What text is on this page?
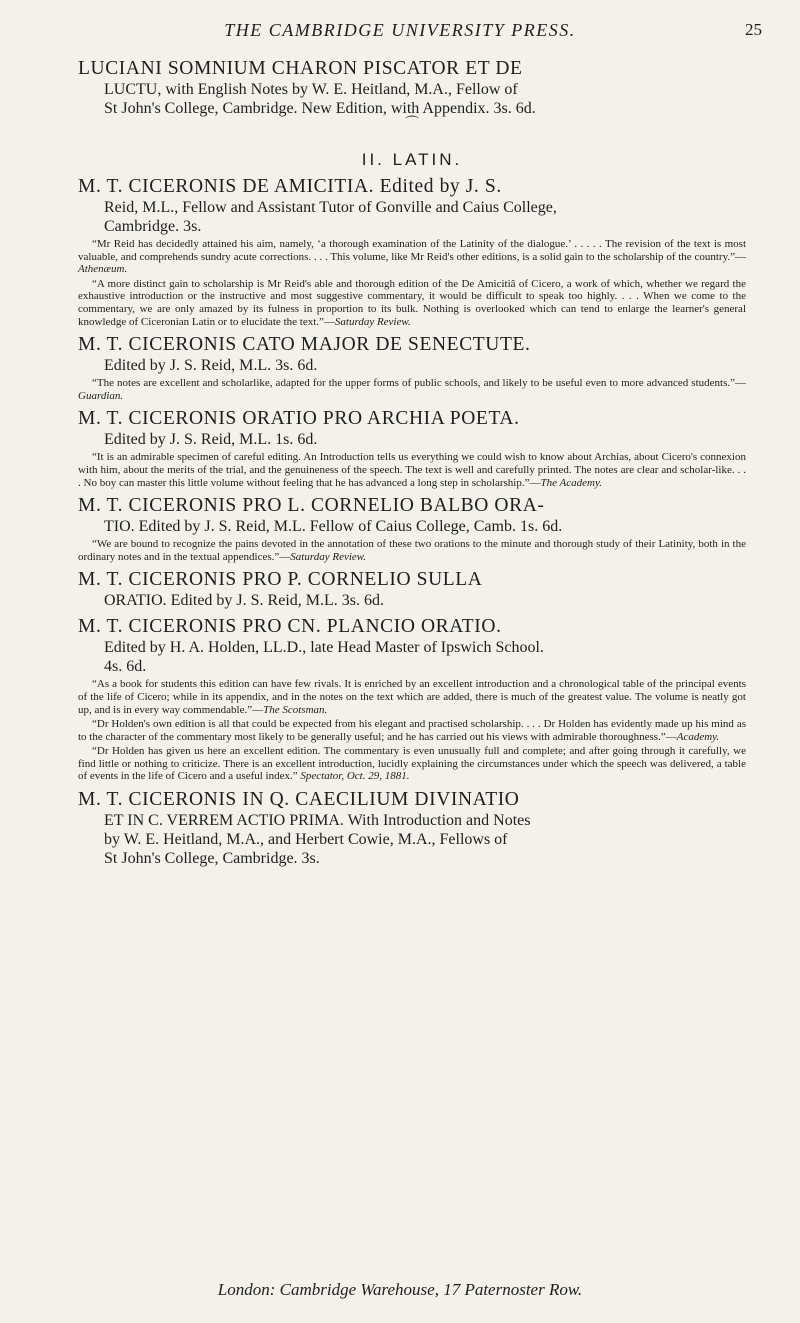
THE CAMBRIDGE UNIVERSITY PRESS.	25

LUCIANI SOMNIUM CHARON PISCATOR ET DE

LUCTU, with English Notes by W. E. Heitland, M.A., Fellow of

St John's College, Cambridge. New Edition, with Appendix. 3s. 6d.

⌒
II. LATIN.

M. T. CICERONIS DE AMICITIA. Edited by J. S.

Reid, M.L., Fellow and Assistant Tutor of Gonville and Caius College,

Cambridge. 3s.

“Mr Reid has decidedly attained his aim, namely, ‘a thorough examination of the Latinity of the dialogue.’ . . . . . The revision of the text is most valuable, and comprehends sundry acute corrections. . . . This volume, like Mr Reid's other editions, is a solid gain to the scholarship of the country.”—Athenæum.

“A more distinct gain to scholarship is Mr Reid's able and thorough edition of the De Amicitiâ of Cicero, a work of which, whether we regard the exhaustive introduction or the instructive and most suggestive commentary, it would be difficult to speak too highly. . . . When we come to the commentary, we are only amazed by its fulness in proportion to its bulk. Nothing is overlooked which can tend to enlarge the learner's general knowledge of Ciceronian Latin or to elucidate the text.”—Saturday Review.

M. T. CICERONIS CATO MAJOR DE SENECTUTE.

Edited by J. S. Reid, M.L. 3s. 6d.

“The notes are excellent and scholarlike, adapted for the upper forms of public schools, and likely to be useful even to more advanced students.”—Guardian.

M. T. CICERONIS ORATIO PRO ARCHIA POETA.

Edited by J. S. Reid, M.L. 1s. 6d.

“It is an admirable specimen of careful editing. An Introduction tells us everything we could wish to know about Archias, about Cicero's connexion with him, about the merits of the trial, and the genuineness of the speech. The text is well and carefully printed. The notes are clear and scholar-like. . . . No boy can master this little volume without feeling that he has advanced a long step in scholarship.”—The Academy.

M. T. CICERONIS PRO L. CORNELIO BALBO ORA-

TIO. Edited by J. S. Reid, M.L. Fellow of Caius College, Camb. 1s. 6d.

“We are bound to recognize the pains devoted in the annotation of these two orations to the minute and thorough study of their Latinity, both in the ordinary notes and in the textual appendices.”—Saturday Review.

M. T. CICERONIS PRO P. CORNELIO SULLA

ORATIO. Edited by J. S. Reid, M.L. 3s. 6d.

M. T. CICERONIS PRO CN. PLANCIO ORATIO.

Edited by H. A. Holden, LL.D., late Head Master of Ipswich School.

4s. 6d.

“As a book for students this edition can have few rivals. It is enriched by an excellent introduction and a chronological table of the principal events of the life of Cicero; while in its appendix, and in the notes on the text which are added, there is much of the greatest value. The volume is neatly got up, and is in every way commendable.”—The Scotsman.

“Dr Holden's own edition is all that could be expected from his elegant and practised scholarship. . . . Dr Holden has evidently made up his mind as to the character of the commentary most likely to be generally useful; and he has carried out his views with admirable thoroughness.”—Academy.

“Dr Holden has given us here an excellent edition. The commentary is even unusually full and complete; and after going through it carefully, we find little or nothing to criticize. There is an excellent introduction, lucidly explaining the circumstances under which the speech was delivered, a table of events in the life of Cicero and a useful index.” Spectator, Oct. 29, 1881.

M. T. CICERONIS IN Q. CAECILIUM DIVINATIO

ET IN C. VERREM ACTIO PRIMA. With Introduction and Notes

by W. E. Heitland, M.A., and Herbert Cowie, M.A., Fellows of

St John's College, Cambridge. 3s.

London: Cambridge Warehouse, 17 Paternoster Row.
